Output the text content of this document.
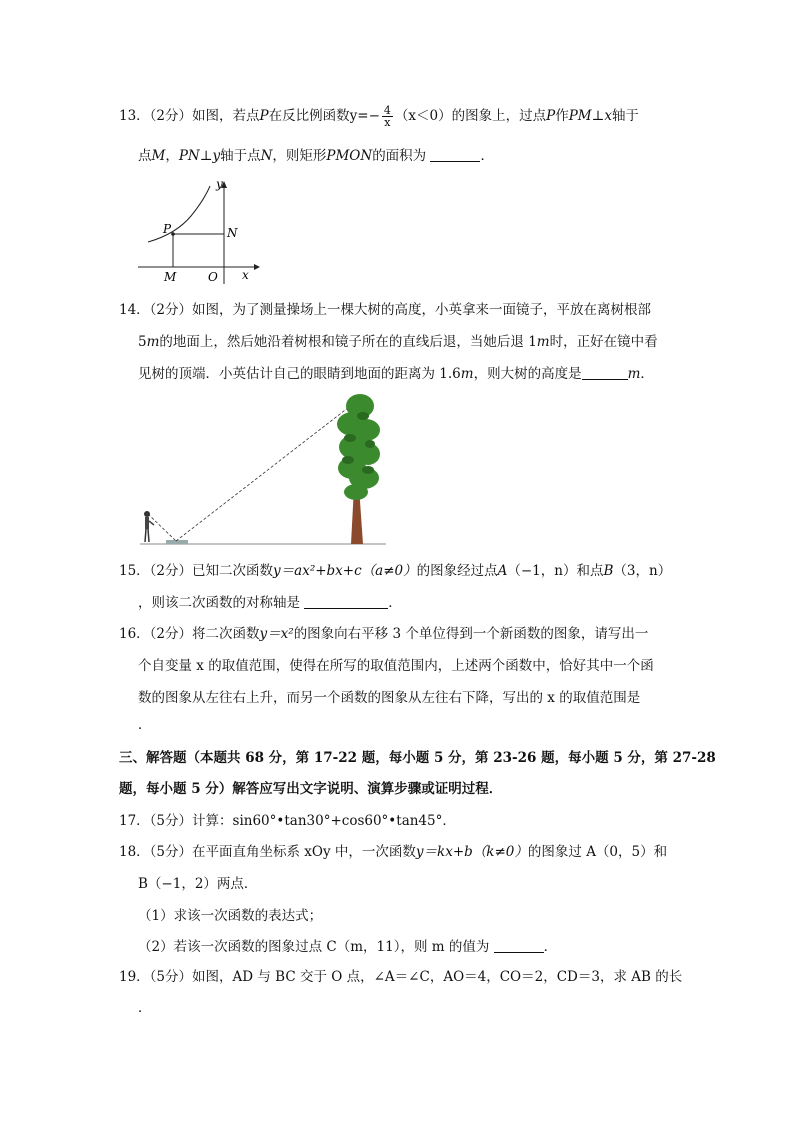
13．（2分）如图，若点P在反比例函数$y=- \frac{4}{x} (x<0)$的图象上，过点P作PM⊥x轴于
点M，PN⊥y轴于点N，则矩形PMON的面积为	．
y
P	N
M	O x
14．（2分）如图，为了测量操场上一棵大树的高度，小英拿来一面镜子，平放在离树根部
5m的地面上，然后她沿着树根和镜子所在的直线后退，当她后退 1m时，正好在镜中看
见树的顶端．小英估计自己的眼睛到地面的距离为 1.6m，则大树的高度是	m．
15．（2分）已知二次函数y＝ax²+bx+c（a≠0）的图象经过点A（−1，n）和点B（3，n）
，则该二次函数的对称轴是	．
16．（2分）将二次函数y＝x²的图象向右平移 3 个单位得到一个新函数的图象，请写出一
个自变量 x 的取值范围，使得在所写的取值范围内，上述两个函数中，恰好其中一个函
数的图象从左往右上升，而另一个函数的图象从左往右下降，写出的 x 的取值范围是
．
三、解答题（本题共 68 分，第 17-22 题，每小题 5 分，第 23-26 题，每小题 5 分，第 27-28
题，每小题 5 分）解答应写出文字说明、演算步骤或证明过程．
17．（5分）计算：sin60°•tan30°+cos60°•tan45°．
18．（5分）在平面直角坐标系 xOy 中，一次函数y＝kx+b（k≠0）的图象过 A（0，5）和
B（−1，2）两点．
（1）求该一次函数的表达式；
（2）若该一次函数的图象过点 C（m，11），则 m 的值为	．
19．（5分）如图，AD 与 BC 交于 O 点，∠A＝∠C，AO＝4，CO＝2，CD＝3，求 AB 的长
．
